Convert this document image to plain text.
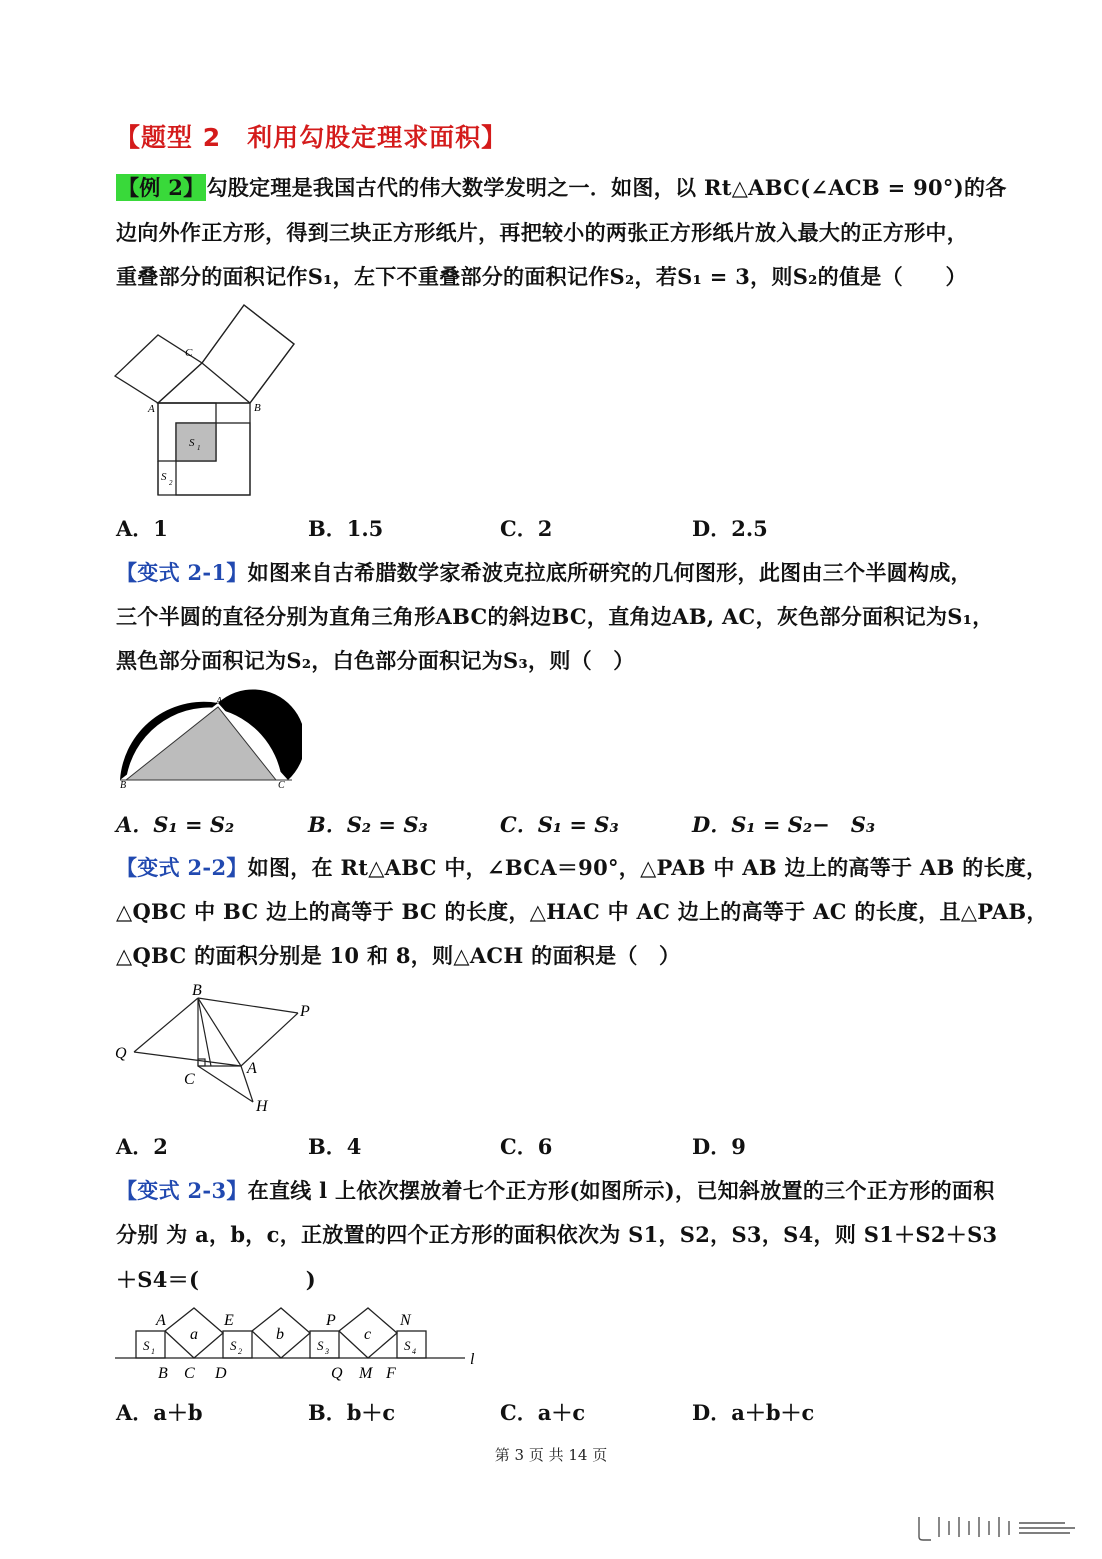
【题型 2　利用勾股定理求面积】
【例 2】勾股定理是我国古代的伟大数学发明之一．如图，以 Rt△ABC(∠ACB = 90°)的各
边向外作正方形，得到三块正方形纸片，再把较小的两张正方形纸片放入最大的正方形中，
重叠部分的面积记作S₁，左下不重叠部分的面积记作S₂，若S₁ = 3，则S₂的值是（　　）
A	B
C
S 1
S 2
A．1	B．1.5	C．2	D．2.5
【变式 2-1】如图来自古希腊数学家希波克拉底所研究的几何图形，此图由三个半圆构成，
三个半圆的直径分别为直角三角形ABC的斜边BC，直角边AB, AC，灰色部分面积记为S₁，
黑色部分面积记为S₂，白色部分面积记为S₃，则（　）
A
B	C
A．S₁ = S₂	B．S₂ = S₃	C．S₁ = S₃	D．S₁ = S₂−　S₃
【变式 2-2】如图，在 Rt△ABC 中，∠BCA＝90°，△PAB 中 AB 边上的高等于 AB 的长度，
△QBC 中 BC 边上的高等于 BC 的长度，△HAC 中 AC 边上的高等于 AC 的长度，且△PAB，
△QBC 的面积分别是 10 和 8，则△ACH 的面积是（　）
B
P
Q
C
A
H
A．2	B．4	C．6	D．9
【变式 2-3】在直线 l 上依次摆放着七个正方形(如图所示)，已知斜放置的三个正方形的面积
分别 为 a，b，c，正放置的四个正方形的面积依次为 S1，S2，S3，S4，则 S1＋S2＋S3
＋S4＝(　　　　　)
A	E	P	N
a	b	c
S 1	S 2	S 3	S 4
B C D	Q M F
l
A．a＋b	B．b＋c	C．a＋c	D．a＋b＋c
第 3 页 共 14 页
